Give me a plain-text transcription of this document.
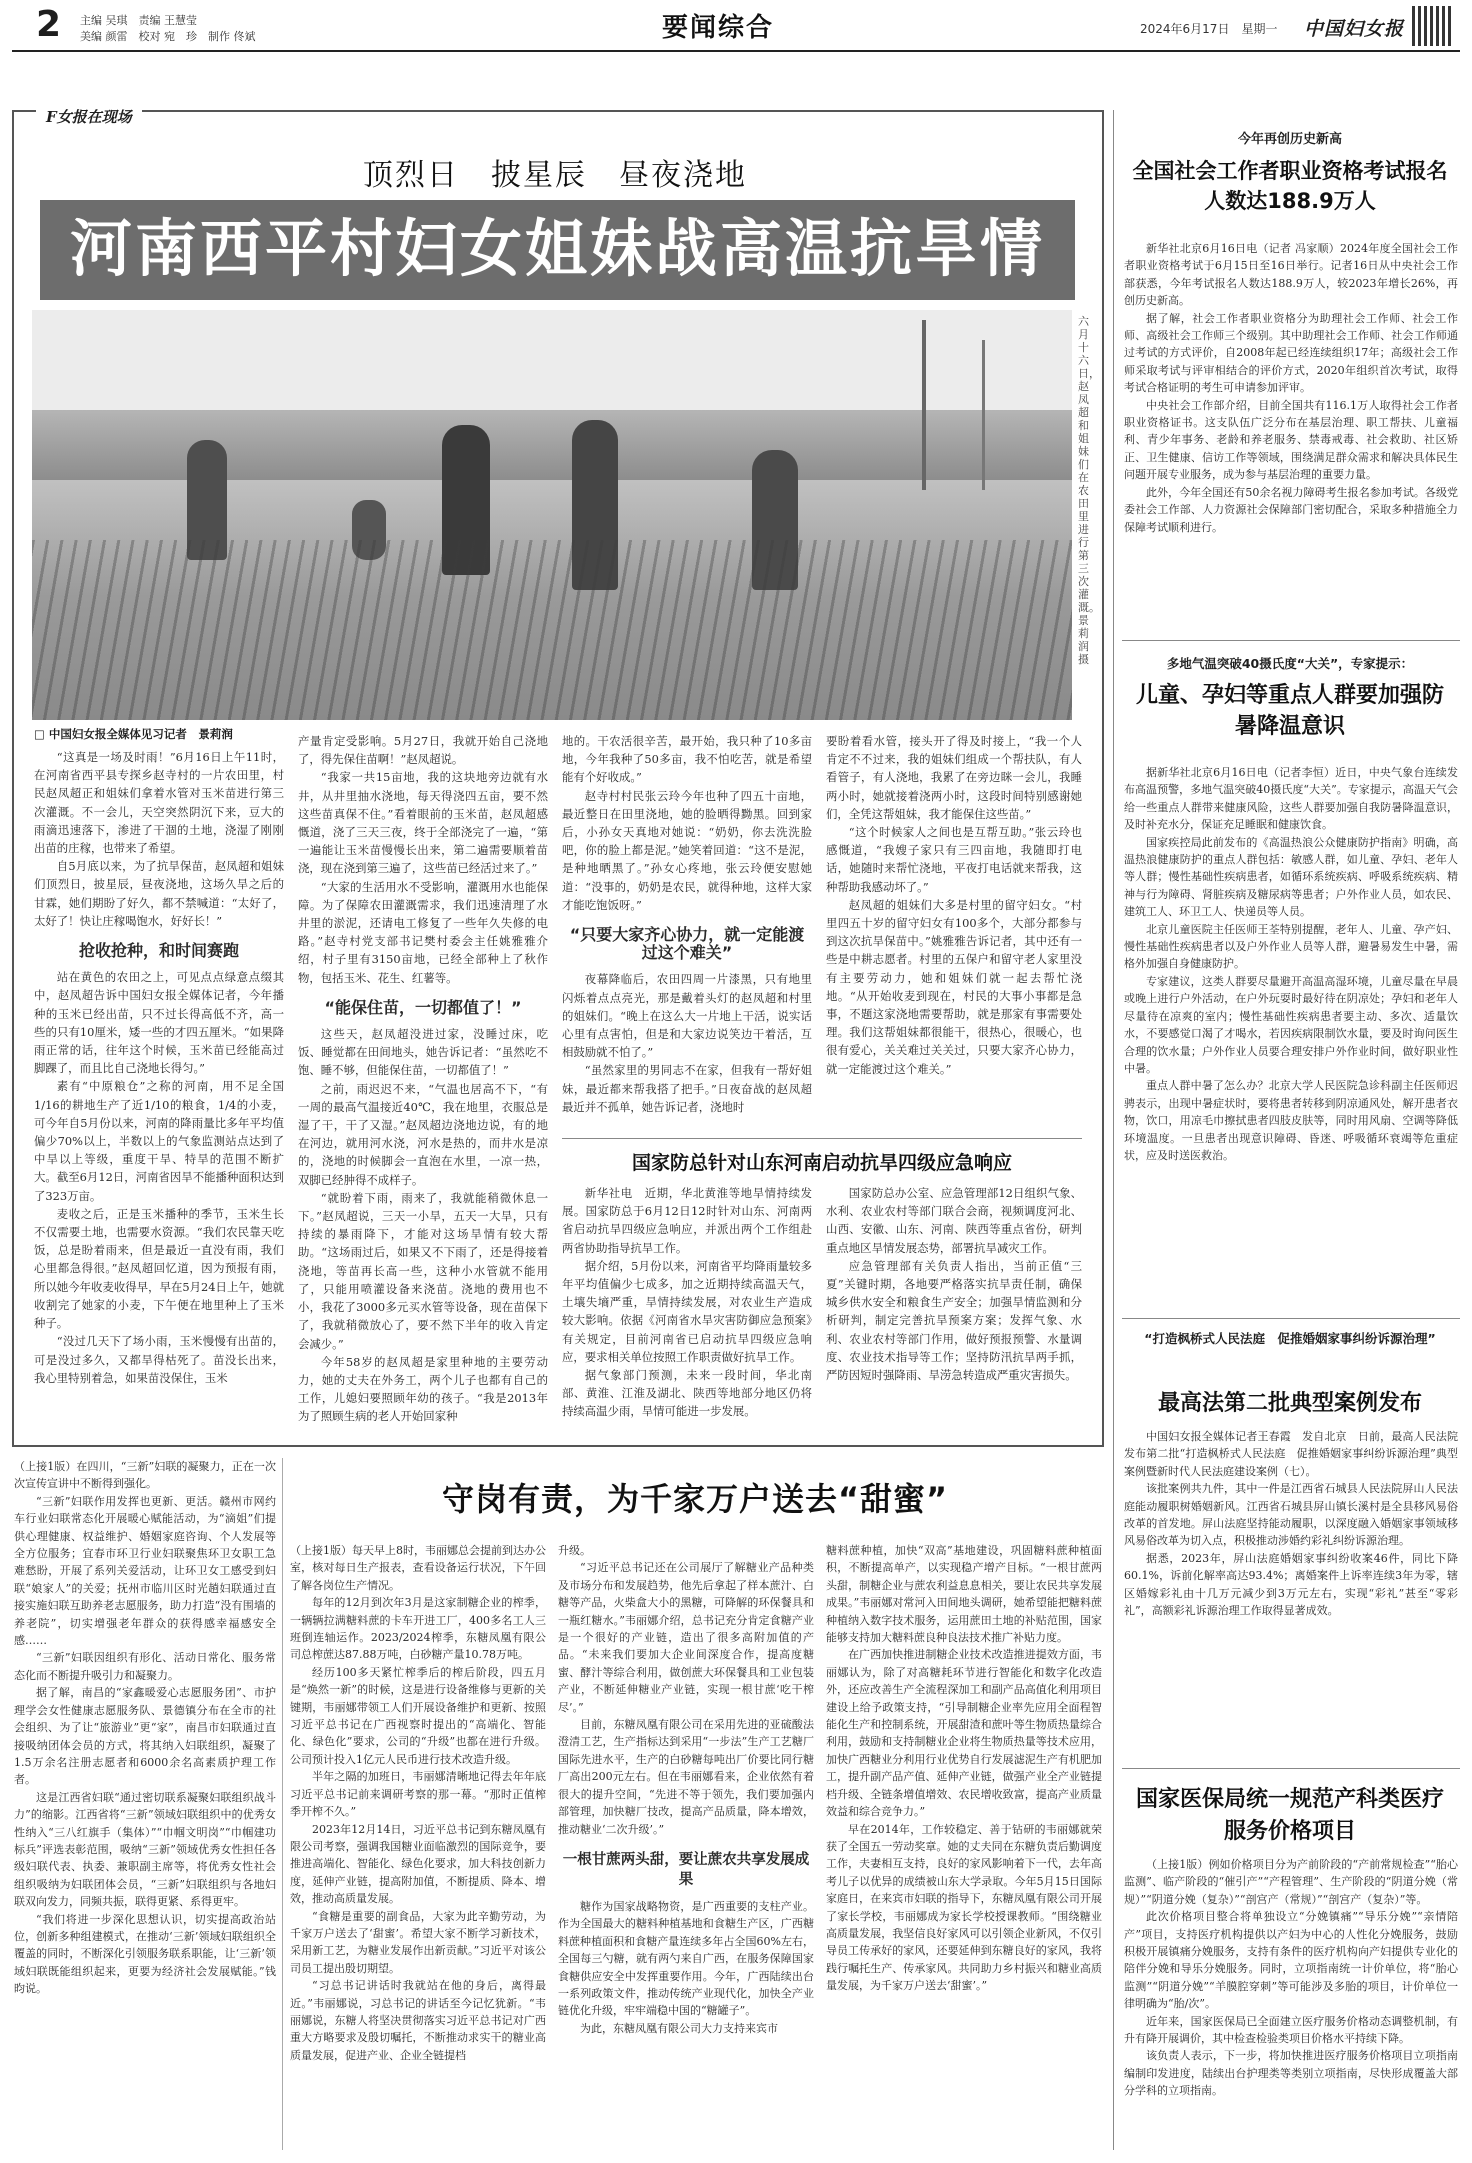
2 主编 吴琪　责编 王慧莹
美编 颜雷　校对 宛　珍　制作 佟斌	要闻综合	2024年6月17日　星期一 中国妇女报
F女报在现场
顶烈日　披星辰　昼夜浇地
河南西平村妇女姐妹战高温抗旱情
六月十六日，赵凤超和姐妹们在农田里进行第三次灌溉。景莉润摄
□ 中国妇女报全媒体见习记者　景莉润

“这真是一场及时雨！”6月16日上午11时，在河南省西平县专探乡赵寺村的一片农田里，村民赵凤超正和姐妹们拿着水管对玉米苗进行第三次灌溉。不一会儿，天空突然阴沉下来，豆大的雨滴迅速落下，渗进了干涸的土地，浇湿了刚刚出苗的庄稼，也带来了希望。

自5月底以来，为了抗旱保苗，赵凤超和姐妹们顶烈日，披星辰，昼夜浇地，这场久旱之后的甘霖，她们期盼了好久，都不禁喊道：“太好了，太好了！快让庄稼喝饱水，好好长！”

抢收抢种，和时间赛跑

站在黄色的农田之上，可见点点绿意点缀其中，赵凤超告诉中国妇女报全媒体记者，今年播种的玉米已经出苗，只不过长得高低不齐，高一些的只有10厘米，矮一些的才四五厘米。“如果降雨正常的话，往年这个时候，玉米苗已经能高过脚踝了，而且比自己浇地长得匀。”

素有“中原粮仓”之称的河南，用不足全国1/16的耕地生产了近1/10的粮食，1/4的小麦，可今年自5月份以来，河南的降雨量比多年平均值偏少70%以上，半数以上的气象监测站点达到了中旱以上等级，重度干旱、特旱的范围不断扩大。截至6月12日，河南省因旱不能播种面积达到了323万亩。

麦收之后，正是玉米播种的季节，玉米生长不仅需要土地，也需要水资源。“我们农民靠天吃饭，总是盼着雨来，但是最近一直没有雨，我们心里都急得很。”赵凤超回忆道，因为预报有雨，所以她今年收麦收得早，早在5月24日上午，她就收割完了她家的小麦，下午便在地里种上了玉米种子。

“没过几天下了场小雨，玉米慢慢有出苗的，可是没过多久，又都旱得枯死了。苗没长出来，我心里特别着急，如果苗没保住，玉米

产量肯定受影响。5月27日，我就开始自己浇地了，得先保住苗啊！”赵凤超说。

“我家一共15亩地，我的这块地旁边就有水井，从井里抽水浇地，每天得浇四五亩，要不然这些苗真保不住。”看着眼前的玉米苗，赵凤超感慨道，浇了三天三夜，终于全部浇完了一遍，“第一遍能让玉米苗慢慢长出来，第二遍需要顺着苗浇，现在浇到第三遍了，这些苗已经活过来了。”

“大家的生活用水不受影响，灌溉用水也能保障。为了保障农田灌溉需求，我们迅速清理了水井里的淤泥，还请电工修复了一些年久失修的电路。”赵寺村党支部书记樊村委会主任姚雅雅介绍，村子里有3150亩地，已经全部种上了秋作物，包括玉米、花生、红薯等。

“能保住苗，一切都值了！”

这些天，赵凤超没进过家，没睡过床，吃饭、睡觉都在田间地头，她告诉记者：“虽然吃不饱、睡不够，但能保住苗，一切都值了！”

之前，雨迟迟不来，“气温也居高不下，“有一周的最高气温接近40℃，我在地里，衣服总是湿了干，干了又湿。”赵凤超边浇地边说，有的地在河边，就用河水浇，河水是热的，而井水是凉的，浇地的时候脚会一直泡在水里，一凉一热，双脚已经肿得不成样子。

“就盼着下雨，雨来了，我就能稍微休息一下。”赵凤超说，三天一小旱，五天一大旱，只有持续的暴雨降下，才能对这场旱情有较大帮助。“这场雨过后，如果又不下雨了，还是得接着浇地，等苗再长高一些，这种小水管就不能用了，只能用喷灌设备来浇苗。浇地的费用也不小，我花了3000多元买水管等设备，现在苗保下了，我就稍微放心了，要不然下半年的收入肯定会减少。”

今年58岁的赵凤超是家里种地的主要劳动力，她的丈夫在外务工，两个儿子也都有自己的工作，儿媳妇要照顾年幼的孩子。“我是2013年为了照顾生病的老人开始回家种

地的。干农活很辛苦，最开始，我只种了10多亩地，今年我种了50多亩，我不怕吃苦，就是希望能有个好收成。”

赵寺村村民张云玲今年也种了四五十亩地，最近整日在田里浇地，她的脸晒得黝黑。回到家后，小孙女天真地对她说：“奶奶，你去洗洗脸吧，你的脸上都是泥。”她笑着回道：“这不是泥，是种地晒黑了。”孙女心疼地，张云玲便安慰她道：“没事的，奶奶是农民，就得种地，这样大家才能吃饱饭呀。”

“只要大家齐心协力，就一定能渡过这个难关”

夜幕降临后，农田四周一片漆黑，只有地里闪烁着点点亮光，那是戴着头灯的赵凤超和村里的姐妹们。“晚上在这么大一片地上干活，说实话心里有点害怕，但是和大家边说笑边干着活，互相鼓励就不怕了。”

“虽然家里的男同志不在家，但我有一帮好姐妹，最近都来帮我搭了把手。”日夜奋战的赵凤超最近并不孤单，她告诉记者，浇地时

要盼着看水管，接头开了得及时接上，“我一个人肯定不不过来，我的姐妹们组成一个帮扶队，有人看管子，有人浇地，我累了在旁边眯一会儿，我睡两小时，她就接着浇两小时，这段时间特别感谢她们，全凭这帮姐妹，我才能保住这些苗。”

“这个时候家人之间也是互帮互助。”张云玲也感慨道，“我嫂子家只有三四亩地，我随即打电话，她随时来帮忙浇地，平夜打电话就来帮我，这种帮助我感动坏了。”

赵凤超的姐妹们大多是村里的留守妇女。“村里四五十岁的留守妇女有100多个，大部分都参与到这次抗旱保苗中。”姚雅雅告诉记者，其中还有一些是中耕志愿者。村里的五保户和留守老人家里没有主要劳动力，她和姐妹们就一起去帮忙浇地。“从开始收麦到现在，村民的大事小事都是急事，不题这家浇地需要帮助，就是那家有事需要处理。我们这帮姐妹都很能干，很热心，很暖心，也很有爱心，关关难过关关过，只要大家齐心协力，就一定能渡过这个难关。”

国家防总针对山东河南启动抗旱四级应急响应

新华社电　近期，华北黄淮等地旱情持续发展。国家防总于6月12日12时针对山东、河南两省启动抗旱四级应急响应，并派出两个工作组赴两省协助指导抗旱工作。

据介绍，5月份以来，河南省平均降雨量较多年平均值偏少七成多，加之近期持续高温天气，土壤失墒严重，旱情持续发展，对农业生产造成较大影响。依据《河南省水旱灾害防御应急预案》有关规定，目前河南省已启动抗旱四级应急响应，要求相关单位按照工作职责做好抗旱工作。

据气象部门预测，未来一段时间，华北南部、黄淮、江淮及湖北、陕西等地部分地区仍将持续高温少雨，旱情可能进一步发展。

国家防总办公室、应急管理部12日组织气象、水利、农业农村等部门联合会商，视频调度河北、山西、安徽、山东、河南、陕西等重点省份，研判重点地区旱情发展态势，部署抗旱减灾工作。

应急管理部有关负责人指出，当前正值“三夏”关键时期，各地要严格落实抗旱责任制，确保城乡供水安全和粮食生产安全；加强旱情监测和分析研判，制定完善抗旱预案方案；发挥气象、水利、农业农村等部门作用，做好预报预警、水量调度、农业技术指导等工作；坚持防汛抗旱两手抓，严防因短时强降雨、旱涝急转造成严重灾害损失。

今年再创历史新高
全国社会工作者职业资格考试报名人数达188.9万人

新华社北京6月16日电（记者 冯家顺）2024年度全国社会工作者职业资格考试于6月15日至16日举行。记者16日从中央社会工作部获悉，今年考试报名人数达188.9万人，较2023年增长26%，再创历史新高。

据了解，社会工作者职业资格分为助理社会工作师、社会工作师、高级社会工作师三个级别。其中助理社会工作师、社会工作师通过考试的方式评价，自2008年起已经连续组织17年；高级社会工作师采取考试与评审相结合的评价方式，2020年组织首次考试，取得考试合格证明的考生可申请参加评审。

中央社会工作部介绍，目前全国共有116.1万人取得社会工作者职业资格证书。这支队伍广泛分布在基层治理、职工帮扶、儿童福利、青少年事务、老龄和养老服务、禁毒戒毒、社会救助、社区矫正、卫生健康、信访工作等领域，围绕满足群众需求和解决具体民生问题开展专业服务，成为参与基层治理的重要力量。

此外，今年全国还有50余名视力障碍考生报名参加考试。各级党委社会工作部、人力资源社会保障部门密切配合，采取多种措施全力保障考试顺利进行。

多地气温突破40摄氏度“大关”，专家提示：
儿童、孕妇等重点人群要加强防暑降温意识

据新华社北京6月16日电（记者李恒）近日，中央气象台连续发布高温预警，多地气温突破40摄氏度“大关”。专家提示，高温天气会给一些重点人群带来健康风险，这些人群要加强自我防暑降温意识，及时补充水分，保证充足睡眠和健康饮食。

国家疾控局此前发布的《高温热浪公众健康防护指南》明确，高温热浪健康防护的重点人群包括：敏感人群，如儿童、孕妇、老年人等人群；慢性基础性疾病患者，如循环系统疾病、呼吸系统疾病、精神与行为障碍、肾脏疾病及糖尿病等患者；户外作业人员，如农民、建筑工人、环卫工人、快递员等人员。

北京儿童医院主任医师王荃特别提醒，老年人、儿童、孕产妇、慢性基础性疾病患者以及户外作业人员等人群，避暑易发生中暑，需格外加强自身健康防护。

专家建议，这类人群要尽量避开高温高湿环境，儿童尽量在早晨或晚上进行户外活动，在户外玩耍时最好待在阴凉处；孕妇和老年人尽量待在凉爽的室内；慢性基础性疾病患者要主动、多次、适量饮水，不要感觉口渴了才喝水，若因疾病限制饮水量，要及时询问医生合理的饮水量；户外作业人员要合理安排户外作业时间，做好职业性中暑。

重点人群中暑了怎么办？北京大学人民医院急诊科副主任医师迟骋表示，出现中暑症状时，要将患者转移到阴凉通风处，解开患者衣物，饮口，用凉毛巾擦拭患者四肢皮肤等，同时用风扇、空调等降低环境温度。一旦患者出现意识障碍、昏迷、呼吸循环衰竭等危重症状，应及时送医救治。

“打造枫桥式人民法庭　促推婚姻家事纠纷诉源治理”
最高法第二批典型案例发布

中国妇女报全媒体记者王春霞　发自北京　日前，最高人民法院发布第二批“打造枫桥式人民法庭　促推婚姻家事纠纷诉源治理”典型案例暨新时代人民法庭建设案例（七）。

该批案例共九件，其中一件是江西省石城县人民法院屏山人民法庭能动履职树婚姻新风。江西省石城县屏山镇长溪村是全县移风易俗改革的首发地。屏山法庭坚持能动履职，以深度融入婚姻家事领域移风易俗改革为切入点，积极推动涉婚约彩礼纠纷诉源治理。

据悉，2023年，屏山法庭婚姻家事纠纷收案46件，同比下降60.1%，诉前化解率高达93.4%；离婚案件上诉率连续3年为零，辖区婚嫁彩礼由十几万元减少到3万元左右，实现“彩礼”甚至“零彩礼”，高额彩礼诉源治理工作取得显著成效。

国家医保局统一规范产科类医疗服务价格项目

（上接1版）例如价格项目分为产前阶段的“产前常规检查”“胎心监测”、临产阶段的“催引产”“产程管理”、生产阶段的“阴道分娩（常规）”“阴道分娩（复杂）”“剖宫产（常规）”“剖宫产（复杂）”等。

此次价格项目整合将单独设立“分娩镇痛”“导乐分娩”“亲情陪产”项目，支持医疗机构提供以产妇为中心的人性化分娩服务，鼓励积极开展镇痛分娩服务，支持有条件的医疗机构向产妇提供专业化的陪伴分娩和导乐分娩服务。同时，立项指南统一计价单位，将“胎心监测”“阴道分娩”“羊膜腔穿刺”等可能涉及多胎的项目，计价单位一律明确为“胎/次”。

近年来，国家医保局已全面建立医疗服务价格动态调整机制，有升有降开展调价，其中检查检验类项目价格水平持续下降。

该负责人表示，下一步，将加快推进医疗服务价格项目立项指南编制印发进度，陆续出台护理类等类别立项指南，尽快形成覆盖大部分学科的立项指南。

（上接1版）在四川，“三新”妇联的凝聚力，正在一次次宣传宣讲中不断得到强化。

“三新”妇联作用发挥也更新、更活。赣州市网约车行业妇联常态化开展暖心赋能活动，为“滴姐”们提供心理健康、权益维护、婚姻家庭咨询、个人发展等全方位服务；宜春市环卫行业妇联聚焦环卫女职工急难愁盼，开展了系列关爱活动，让环卫女工感受到妇联“娘家人”的关爱；抚州市临川区时光趟妇联通过直接实施妇联互助养老志愿服务，助力打造“没有围墙的养老院”，切实增强老年群众的获得感幸福感安全感……

“三新”妇联因组织有形化、活动日常化、服务常态化而不断提升吸引力和凝聚力。

据了解，南昌的“家鑫暖爱心志愿服务团”、市护理学会女性健康志愿服务队、景德镇分布在全市的社会组织、为了让“旅游业”更“家”，南昌市妇联通过直接吸纳团体会员的方式，将其纳入妇联组织，凝聚了1.5万余名注册志愿者和6000余名高素质护理工作者。

这是江西省妇联“通过密切联系凝聚妇联组织战斗力”的缩影。江西省将“三新”领域妇联组织中的优秀女性纳入“三八红旗手（集体）”“巾帼文明岗”“巾帼建功标兵”评选表彰范围，吸纳“三新”领域优秀女性担任各级妇联代表、执委、兼职副主席等，将优秀女性社会组织吸纳为妇联团体会员，“三新”妇联组织与各地妇联双向发力，同频共振，联得更紧、系得更牢。

“我们将进一步深化思想认识，切实提高政治站位，创新多种组建模式，在推动‘三新’领域妇联组织全覆盖的同时，不断深化引领服务联系职能，让‘三新’领域妇联既能组织起来，更要为经济社会发展赋能。”钱昀说。

守岗有责，为千家万户送去“甜蜜”

（上接1版）每天早上8时，韦丽娜总会提前到达办公室，核对每日生产报表，查看设备运行状况，下午回了解各岗位生产情况。

每年的12月到次年3月是这家制糖企业的榨季，一辆辆拉满糖料蔗的卡车开进工厂，400多名工人三班倒连轴运作。2023/2024榨季，东糖凤凰有限公司总榨蔗达87.88万吨，白砂糖产量10.78万吨。

经历100多天紧忙榨季后的榨后阶段，四五月是“焕然一新”的时候，这是进行设备维修与更新的关键期，韦丽娜带领工人们开展设备维护和更新、按照习近平总书记在广西视察时提出的“高端化、智能化、绿色化”要求，公司的“升级”也都在进行升级。公司预计投入1亿元人民币进行技术改造升级。

半年之隔的加班日，韦丽娜清晰地记得去年年底习近平总书记前来调研考察的那一幕。“那时正值榨季开榨不久。”

2023年12月14日，习近平总书记到东糖凤凰有限公司考察，强调我国糖业面临激烈的国际竞争，要推进高端化、智能化、绿色化要求，加大科技创新力度，延伸产业链，提高附加值，不断提质、降本、增效，推动高质量发展。

“食糖是重要的副食品，大家为此辛勤劳动，为千家万户送去了‘甜蜜’。希望大家不断学习新技术，采用新工艺，为糖业发展作出新贡献。”习近平对该公司员工提出殷切期望。

“习总书记讲话时我就站在他的身后，离得最近。”韦丽娜说，习总书记的讲话至今记忆犹新。“韦丽娜说，东糖人将坚决贯彻落实习近平总书记对广西重大方略要求及殷切嘱托，不断推动求实干的糖业高质量发展，促进产业、企业全链提档

升级。

“习近平总书记还在公司展厅了解糖业产品种类及市场分布和发展趋势，他先后拿起了样本蔗汁、白糖等产品，火柴盒大小的黑糖，可降解的环保餐具和一瓶红糖水。”韦丽娜介绍，总书记充分肯定食糖产业是一个很好的产业链，造出了很多高附加值的产品。“未来我们要加大企业间深度合作，提高度糖蜜、酵汁等综合利用，做创蔗大环保餐具和工业包装产业，不断延伸糖业产业链，实现一根甘蔗‘吃干榨尽’。”

目前，东糖凤凰有限公司在采用先进的亚硫酸法澄清工艺，生产指标达到采用“一步法”生产工艺糖厂国际先进水平，生产的白砂糖每吨出厂价要比同行糖厂高出200元左右。但在韦丽娜看来，企业依然有着很大的提升空间，“先进不等于领先，我们要加强内部管理，加快糖厂技改，提高产品质量，降本增效，推动糖业‘二次升级’。”

一根甘蔗两头甜，要让蔗农共享发展成果

糖作为国家战略物资，是广西重要的支柱产业。作为全国最大的糖料种植基地和食糖生产区，广西糖料蔗种植面积和食糖产量连续多年占全国60%左右，全国每三勺糖，就有两勺来自广西，在服务保障国家食糖供应安全中发挥重要作用。今年，广西陆续出台一系列政策文件，推动传统产业现代化，加快全产业链优化升级，牢牢端稳中国的“糖罐子”。

为此，东糖凤凰有限公司大力支持来宾市

糖料蔗种植，加快“双高”基地建设，巩固糖料蔗种植面积，不断提高单产，以实现稳产增产目标。“一根甘蔗两头甜，制糖企业与蔗农利益息息相关，要让农民共享发展成果。”韦丽娜对常河入田间地头调研，她希望能把糖料蔗种植纳入数字技术服务，运用蔗田土地的补贴范围，国家能够支持加大糖料蔗良种良法技术推广补贴力度。

在广西加快推进制糖企业技术改造推进提效方面，韦丽娜认为，除了对高糖耗环节进行智能化和数字化改造外，还应改善生产全流程深加工和副产品高值化利用项目建设上给予政策支持，“引导制糖企业率先应用全面程智能化生产和控制系统，开展甜渣和蔗叶等生物质热量综合利用，鼓励和支持制糖业企业将生物质热量等技术应用，加快广西糖业分利用行业优势自行发展滤泥生产有机肥加工，提升副产品产值、延伸产业链，做强产业全产业链提档升级、全链条增值增效、农民增收致富，提高产业质量效益和综合竞争力。”

早在2014年，工作较稳定、善于钻研的韦丽娜就荣获了全国五一劳动奖章。她的丈夫同在东糖负责后勤调度工作，夫妻相互支持，良好的家风影响着下一代，去年高考儿子以优异的成绩被山东大学录取。今年5月15日国际家庭日，在来宾市妇联的指导下，东糖凤凰有限公司开展了家长学校，韦丽娜成为家长学校授课教师。“围绕糖业高质量发展，我坚信良好家风可以引领企业新风，不仅引导员工传承好的家风，还要延伸到东糖良好的家风，我将践行嘱托生产、传承家风。共同助力乡村振兴和糖业高质量发展，为千家万户送去‘甜蜜’。”
